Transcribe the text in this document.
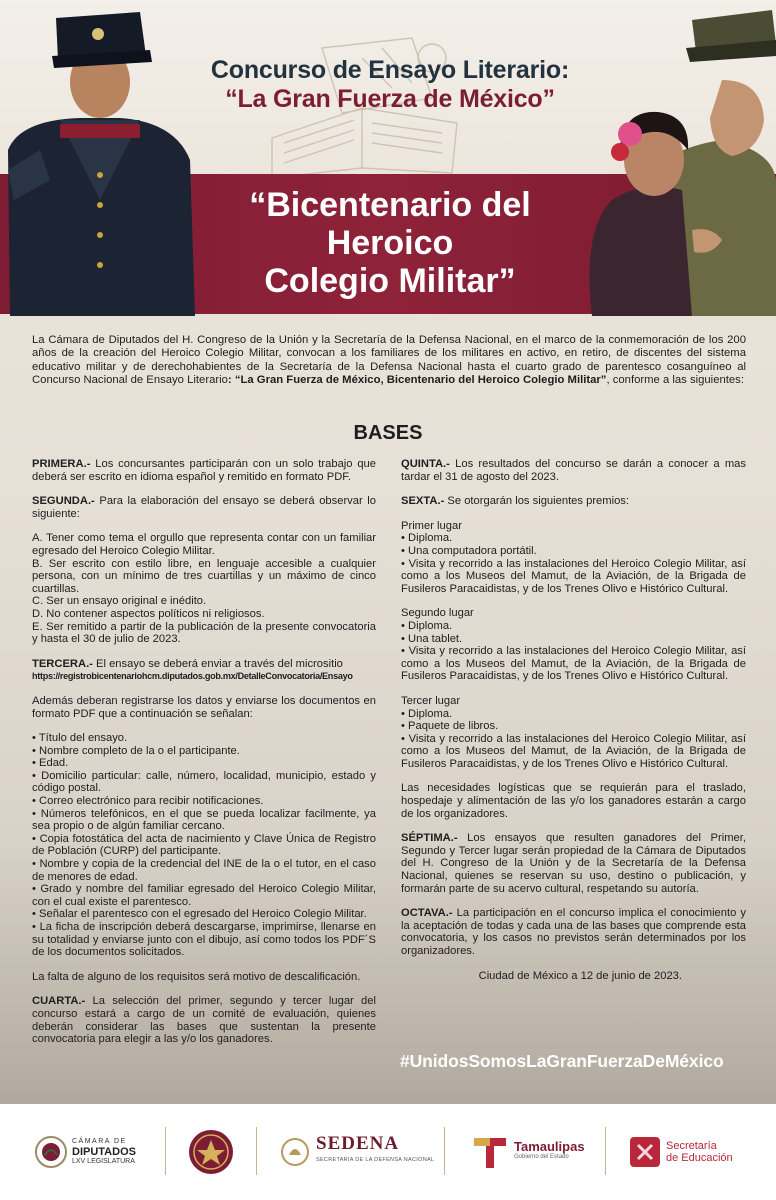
Concurso de Ensayo Literario:
“La Gran Fuerza de México”
“Bicentenario del
Heroico
Colegio Militar”
La Cámara de Diputados del H. Congreso de la Unión y la Secretaría de la Defensa Nacional, en el marco de la conmemoración de los 200 años de la creación del Heroico Colegio Militar, convocan a los familiares de los militares en activo, en retiro, de discentes del sistema educativo militar y de derechohabientes de la Secretaría de la Defensa Nacional hasta el cuarto grado de parentesco cosanguíneo al Concurso Nacional de Ensayo Literario: “La Gran Fuerza de México, Bicentenario del Heroico Colegio Militar”, conforme a las siguientes:
BASES

PRIMERA.- Los concursantes participarán con un solo trabajo que deberá ser escrito en idioma español y remitido en formato PDF.

SEGUNDA.- Para la elaboración del ensayo se deberá observar lo siguiente:

A. Tener como tema el orgullo que representa contar con un familiar egresado del Heroico Colegio Militar.
B. Ser escrito con estilo libre, en lenguaje accesible a cualquier persona, con un mínimo de tres cuartillas y un máximo de cinco cuartillas.
C. Ser un ensayo original e inédito.
D. No contener aspectos políticos ni religiosos.
E. Ser remitido a partir de la publicación de la presente convocatoria y hasta el 30 de julio de 2023.

TERCERA.- El ensayo se deberá enviar a través del micrositio
https://registrobicentenariohcm.diputados.gob.mx/DetalleConvocatoria/Ensayo

Además deberan registrarse los datos y enviarse los documentos en formato PDF que a continuación se señalan:

• Título del ensayo.
• Nombre completo de la o el participante.
• Edad.
• Domicilio particular: calle, número, localidad, municipio, estado y código postal.
• Correo electrónico para recibir notificaciones.
• Números telefónicos, en el que se pueda localizar facilmente, ya sea propio o de algún familiar cercano.
• Copia fotostática del acta de nacimiento y Clave Única de Registro de Población (CURP) del participante.
• Nombre y copia de la credencial del INE de la o el tutor, en el caso de menores de edad.
• Grado y nombre del familiar egresado del Heroico Colegio Militar, con el cual existe el parentesco.
• Señalar el parentesco con el egresado del Heroico Colegio Militar.
• La ficha de inscripción deberá descargarse, imprimirse, llenarse en su totalidad y enviarse junto con el dibujo, así como todos los PDF´S de los documentos solicitados.

La falta de alguno de los requisitos será motivo de descalificación.

CUARTA.- La selección del primer, segundo y tercer lugar del concurso estará a cargo de un comité de evaluación, quienes deberán considerar las bases que sustentan la presente convocatoria para elegir a las y/o los ganadores.

QUINTA.- Los resultados del concurso se darán a conocer a mas tardar el 31 de agosto del 2023.

SEXTA.- Se otorgarán los siguientes premios:

Primer lugar
• Diploma.
• Una computadora portátil.
• Visita y recorrido a las instalaciones del Heroico Colegio Militar, así como a los Museos del Mamut, de la Aviación, de la Brigada de Fusileros Paracaidistas, y de los Trenes Olivo e Histórico Cultural.
Segundo lugar
• Diploma.
• Una tablet.
• Visita y recorrido a las instalaciones del Heroico Colegio Militar, así como a los Museos del Mamut, de la Aviación, de la Brigada de Fusileros Paracaidistas, y de los Trenes Olivo e Histórico Cultural.
Tercer lugar
• Diploma.
• Paquete de libros.
• Visita y recorrido a las instalaciones del Heroico Colegio Militar, así como a los Museos del Mamut, de la Aviación, de la Brigada de Fusileros Paracaidistas, y de los Trenes Olivo e Histórico Cultural.

Las necesidades logísticas que se requierán para el traslado, hospedaje y alimentación de las y/o los ganadores estarán a cargo de los organizadores.

SÉPTIMA.- Los ensayos que resulten ganadores del Primer, Segundo y Tercer lugar serán propiedad de la Cámara de Diputados del H. Congreso de la Unión y de la Secretaría de la Defensa Nacional, quienes se reservan su uso, destino o publicación, y formarán parte de su acervo cultural, respetando su autoría.

OCTAVA.- La participación en el concurso implica el conocimiento y la aceptación de todas y cada una de las bases que comprende esta convocatoria, y los casos no previstos serán determinados por los organizadores.

Ciudad de México a 12 de junio de 2023.

#UnidosSomosLaGranFuerzaDeMéxico
CÁMARA DE
DIPUTADOS
LXV LEGISLATURA
SEDENA
SECRETARÍA DE LA DEFENSA NACIONAL
Tamaulipas
Gobierno del Estado
Secretaría
de Educación
